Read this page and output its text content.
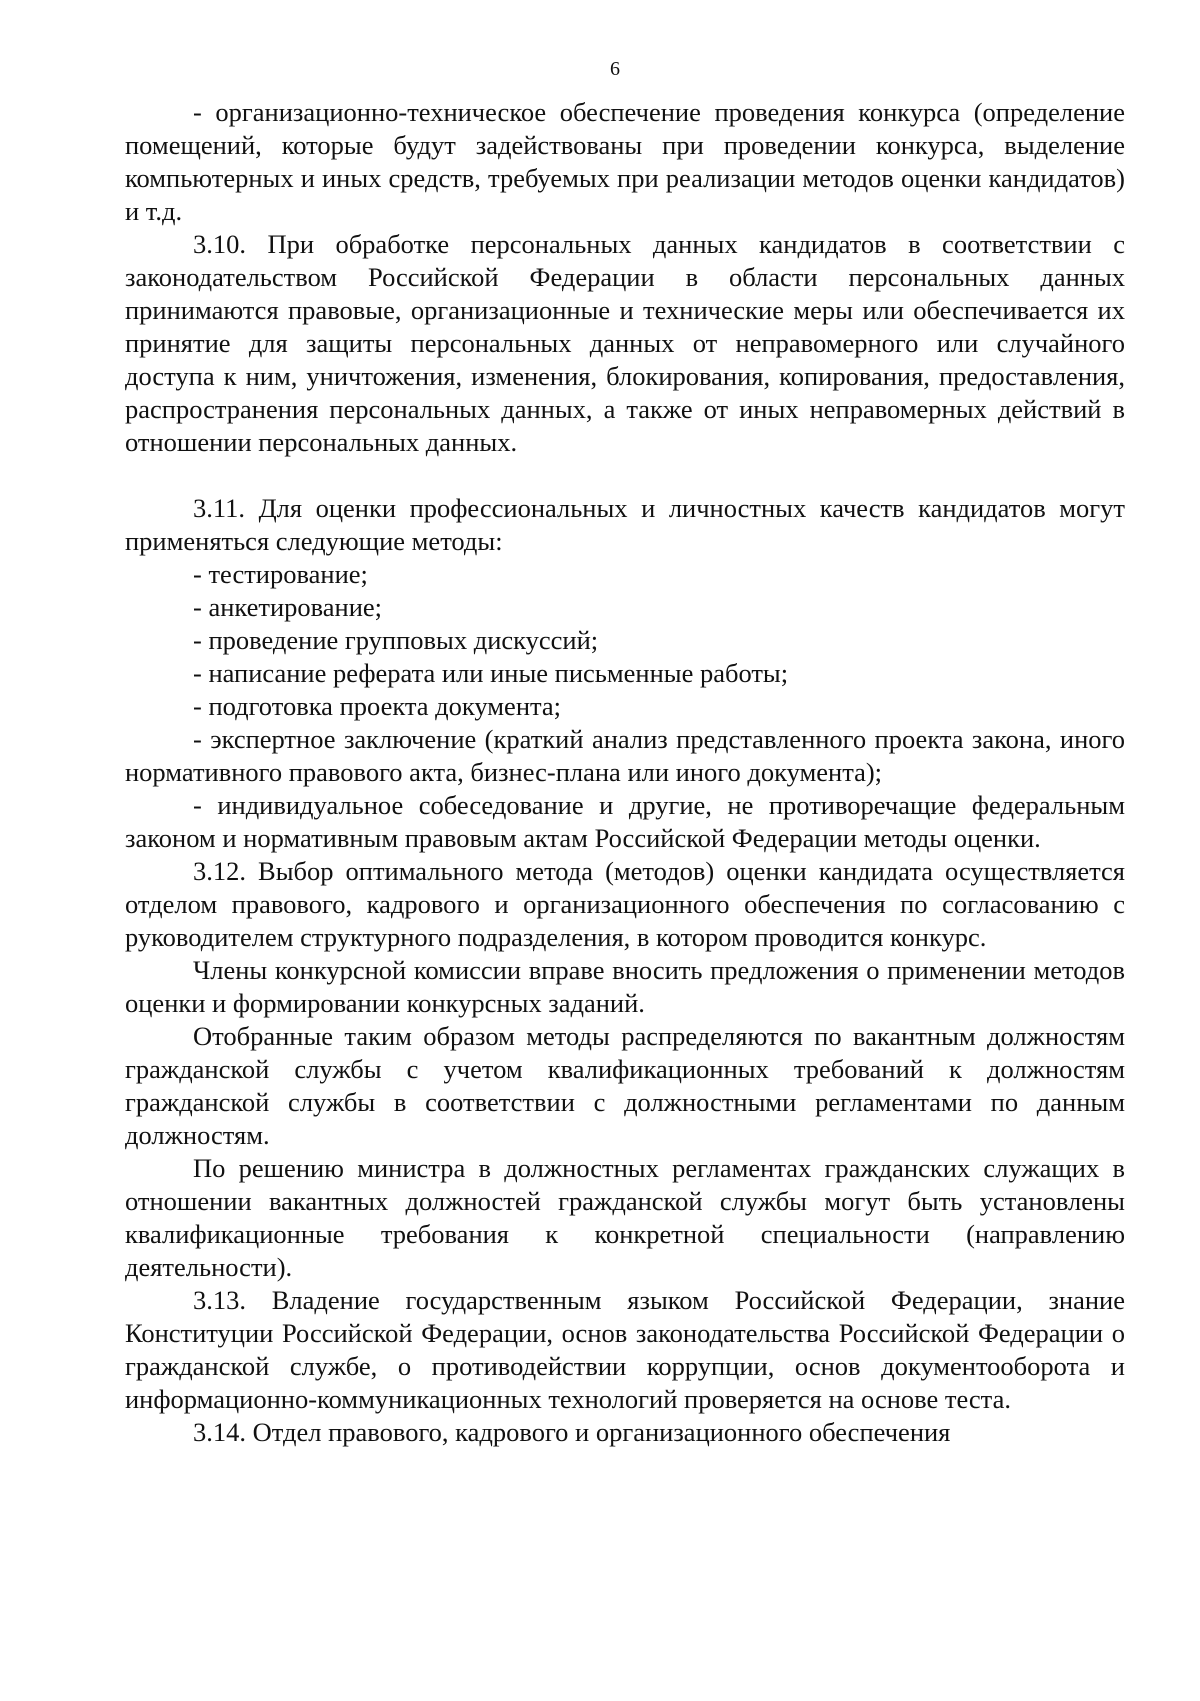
6

- организационно-техническое обеспечение проведения конкурса (определение помещений, которые будут задействованы при проведении конкурса, выделение компьютерных и иных средств, требуемых при реализации методов оценки кандидатов) и т.д.

3.10. При обработке персональных данных кандидатов в соответствии с законодательством Российской Федерации в области персональных данных принимаются правовые, организационные и технические меры или обеспечивается их принятие для защиты персональных данных от неправомерного или случайного доступа к ним, уничтожения, изменения, блокирования, копирования, предоставления, распространения персональных данных, а также от иных неправомерных действий в отношении персональных данных.

3.11. Для оценки профессиональных и личностных качеств кандидатов могут применяться следующие методы:

- тестирование;

- анкетирование;

- проведение групповых дискуссий;

- написание реферата или иные письменные работы;

- подготовка проекта документа;

- экспертное заключение (краткий анализ представленного проекта закона, иного нормативного правового акта, бизнес-плана или иного документа);

- индивидуальное собеседование и другие, не противоречащие федеральным законом и нормативным правовым актам Российской Федерации методы оценки.

3.12. Выбор оптимального метода (методов) оценки кандидата осуществляется отделом правового, кадрового и организационного обеспечения по согласованию с руководителем структурного подразделения, в котором проводится конкурс.

Члены конкурсной комиссии вправе вносить предложения о применении методов оценки и формировании конкурсных заданий.

Отобранные таким образом методы распределяются по вакантным должностям гражданской службы с учетом квалификационных требований к должностям гражданской службы в соответствии с должностными регламентами по данным должностям.

По решению министра в должностных регламентах гражданских служащих в отношении вакантных должностей гражданской службы могут быть установлены квалификационные требования к конкретной специальности (направлению деятельности).

3.13. Владение государственным языком Российской Федерации, знание Конституции Российской Федерации, основ законодательства Российской Федерации о гражданской службе, о противодействии коррупции, основ документооборота и информационно-коммуникационных технологий проверяется на основе теста.

3.14. Отдел правового, кадрового и организационного обеспечения
